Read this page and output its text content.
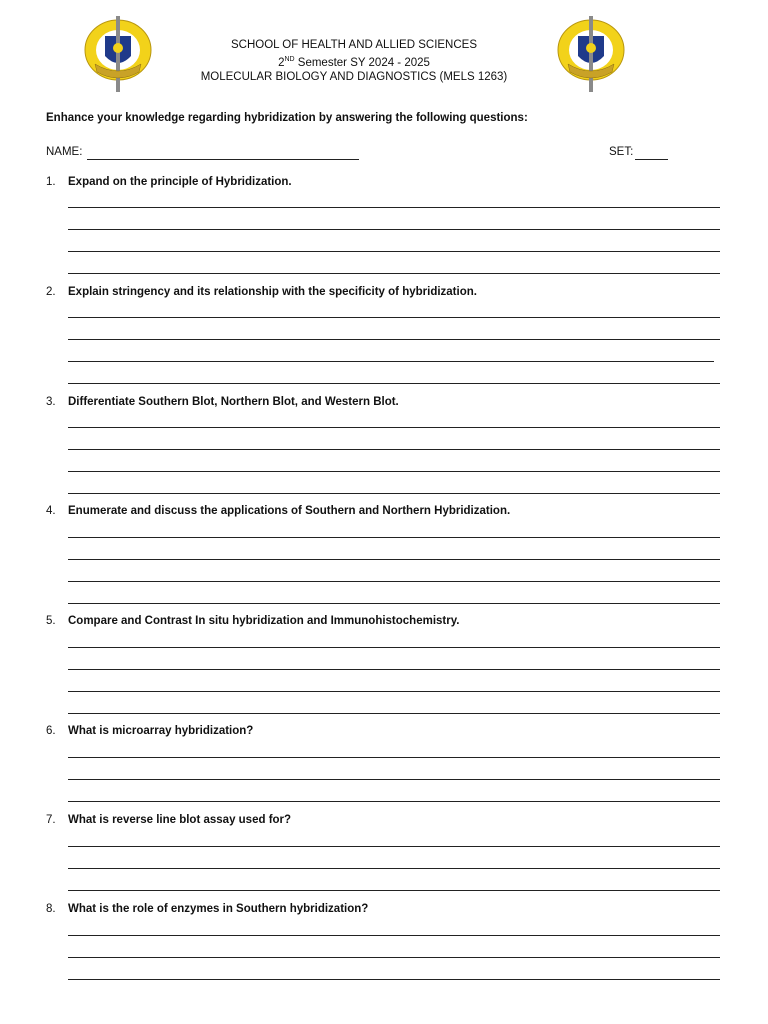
SCHOOL OF HEALTH AND ALLIED SCIENCES
2ND Semester SY 2024 - 2025
MOLECULAR BIOLOGY AND DIAGNOSTICS (MELS 1263)
Enhance your knowledge regarding hybridization by answering the following questions:
NAME:	SET:
1. Expand on the principle of Hybridization.
2. Explain stringency and its relationship with the specificity of hybridization.
3. Differentiate Southern Blot, Northern Blot, and Western Blot.
4. Enumerate and discuss the applications of Southern and Northern Hybridization.
5. Compare and Contrast In situ hybridization and Immunohistochemistry.
6. What is microarray hybridization?
7. What is reverse line blot assay used for?
8. What is the role of enzymes in Southern hybridization?
